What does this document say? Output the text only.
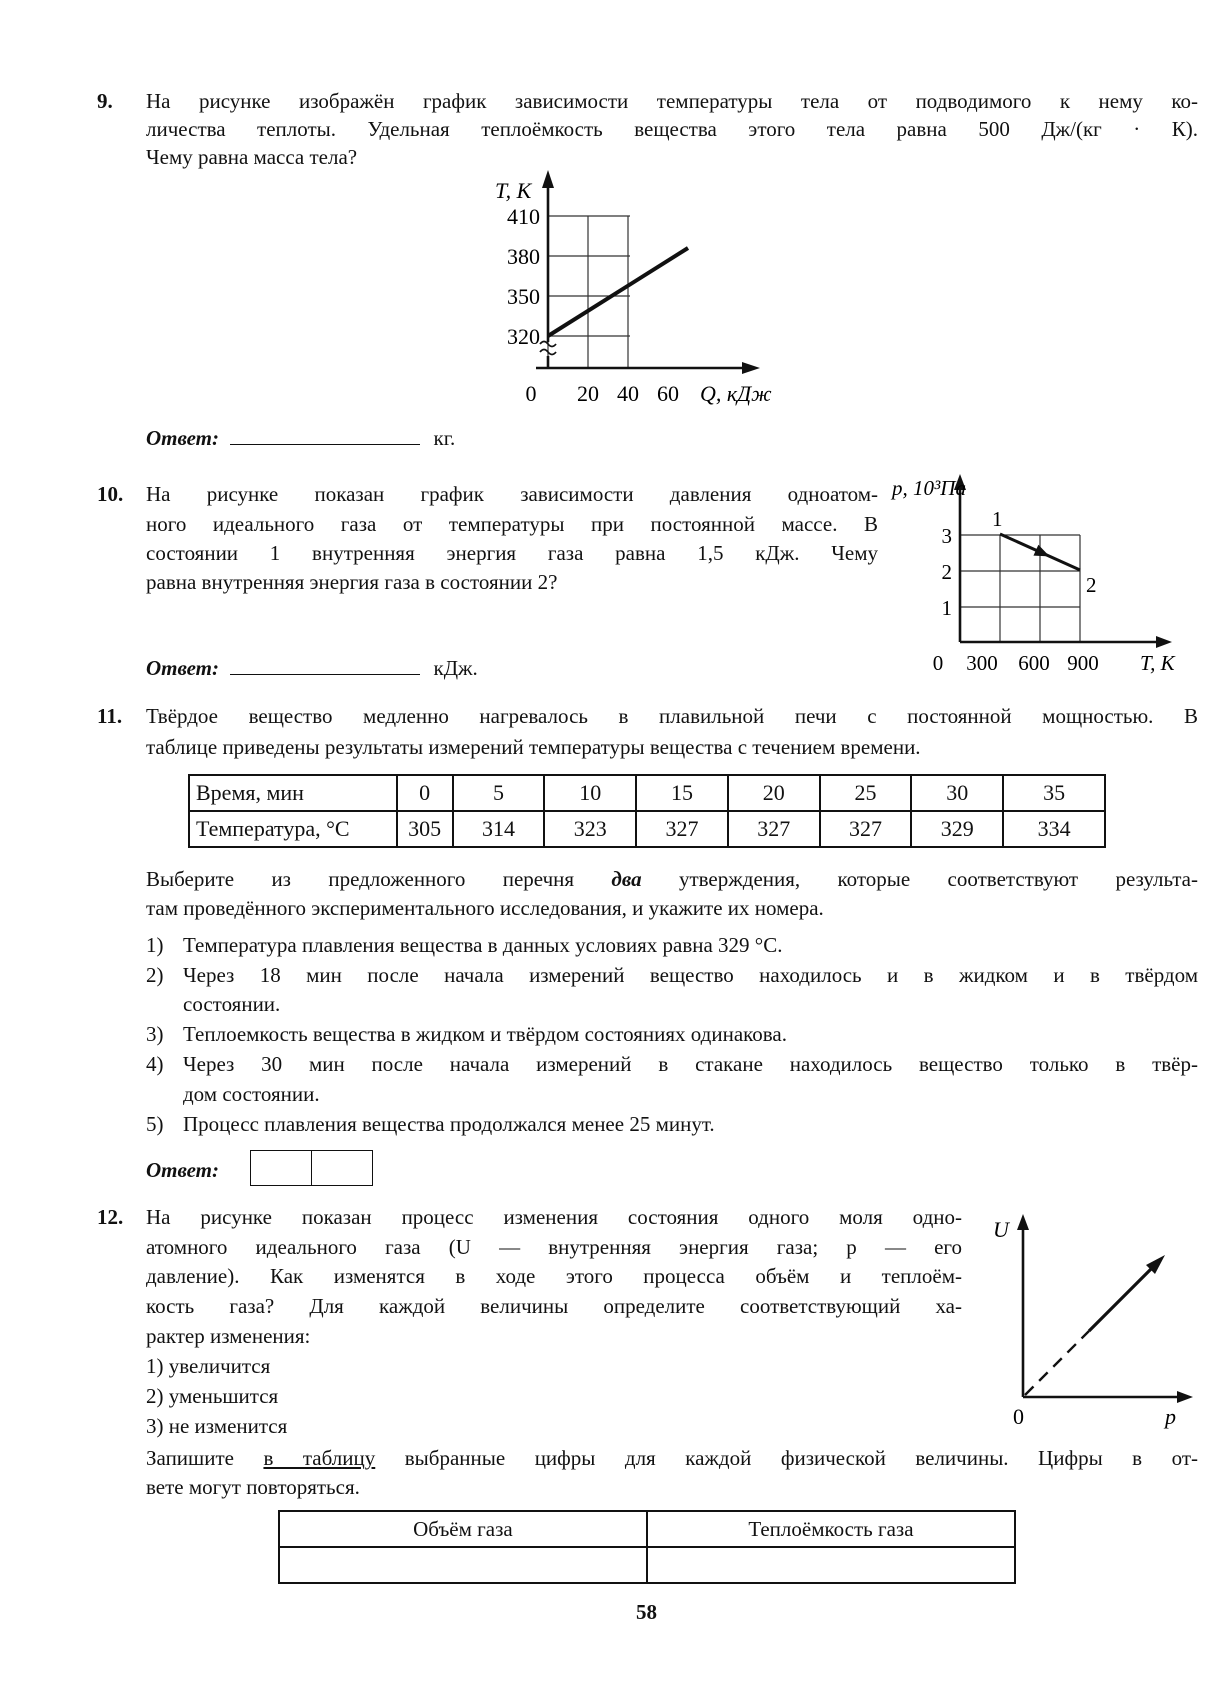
9. На рисунке изображён график зависимости температуры тела от подводимого к нему ко-
личества теплоты. Удельная теплоёмкость вещества этого тела равна 500 Дж/(кг · К).
Чему равна масса тела?
T, К
410
380
350
320
0 20 40 60 Q, кДж
Ответ:	кг.
10. На рисунке показан график зависимости давления одноатом-
ного идеального газа от температуры при постоянной массе. В
состоянии 1 внутренняя энергия газа равна 1,5 кДж. Чему
равна внутренняя энергия газа в состоянии 2?
p, 10³Па
3
2
1
0 300 600 900 T, К
1
2
Ответ:	кДж.
11. Твёрдое вещество медленно нагревалось в плавильной печи с постоянной мощностью. В
таблице приведены результаты измерений температуры вещества с течением времени.
Время, мин	0	5	10	15	20	25	30	35
Температура, °С	305	314	323	327	327	327	329	334
Выберите из предложенного перечня два утверждения, которые соответствуют результа-
там проведённого экспериментального исследования, и укажите их номера.
1) Температура плавления вещества в данных условиях равна 329 °С.
2) Через 18 мин после начала измерений вещество находилось и в жидком и в твёрдом
состоянии.
3) Теплоемкость вещества в жидком и твёрдом состояниях одинакова.
4) Через 30 мин после начала измерений в стакане находилось вещество только в твёр-
дом состоянии.
5) Процесс плавления вещества продолжался менее 25 минут.
Ответ:
12. На рисунке показан процесс изменения состояния одного моля одно-
атомного идеального газа (U — внутренняя энергия газа; p — его
давление). Как изменятся в ходе этого процесса объём и теплоём-
кость газа? Для каждой величины определите соответствующий ха-
рактер изменения:
1) увеличится
2) уменьшится
3) не изменится
U
0	p
Запишите в таблицу выбранные цифры для каждой физической величины. Цифры в от-
вете могут повторяться.
Объём газа	Теплоёмкость газа

58
